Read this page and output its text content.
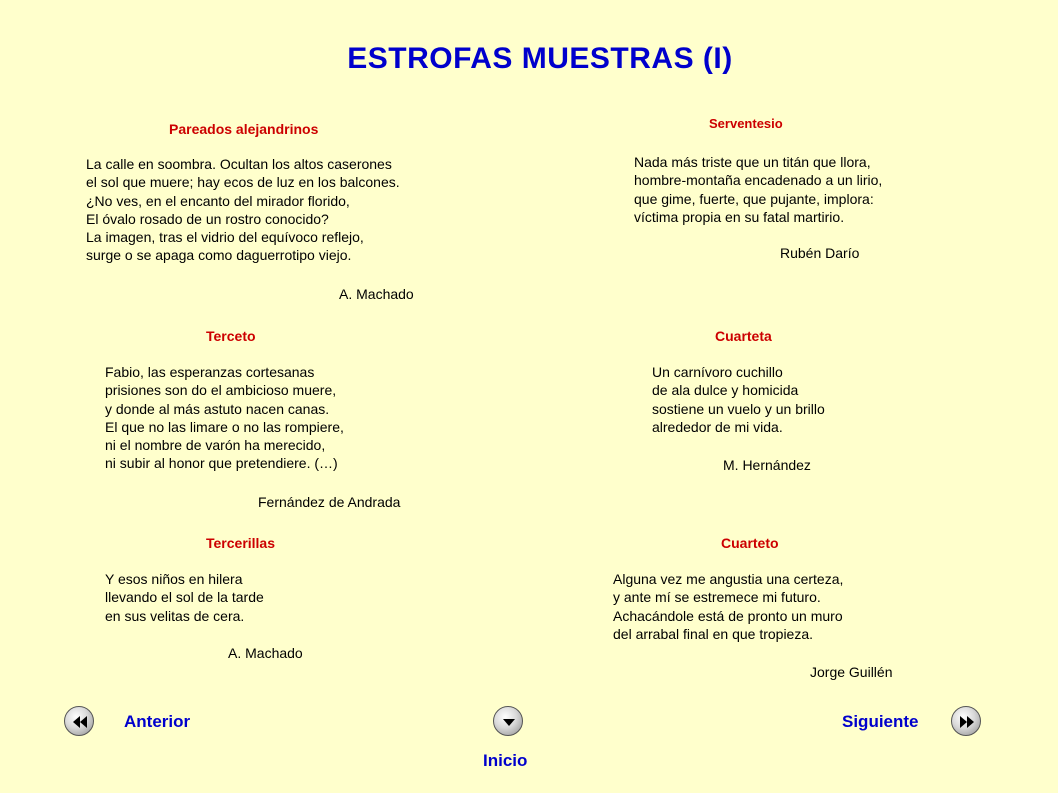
ESTROFAS MUESTRAS (I)
Pareados alejandrinos
La calle en soombra. Ocultan los altos caserones
el sol que muere; hay ecos de luz en los balcones.
¿No ves, en el encanto del mirador florido,
El óvalo rosado de un rostro conocido?
La imagen, tras el vidrio del equívoco reflejo,
surge o se apaga como daguerrotipo viejo.
A. Machado
Serventesio
Nada más triste que un titán que llora,
hombre-montaña encadenado a un lirio,
que gime, fuerte, que pujante, implora:
víctima propia en su fatal martirio.
Rubén Darío
Terceto
Fabio, las esperanzas cortesanas
prisiones son do el ambicioso muere,
y donde al más astuto nacen canas.
El que no las limare o no las rompiere,
ni el nombre de varón ha merecido,
ni subir al honor que pretendiere. (…)
Fernández de Andrada
Cuarteta
Un carnívoro cuchillo
de ala dulce y homicida
sostiene un vuelo y un brillo
alrededor de mi vida.
M. Hernández
Tercerillas
Y esos niños en hilera
llevando el sol de la tarde
en sus velitas de cera.
A. Machado
Cuarteto
Alguna vez me angustia una certeza,
y ante mí se estremece mi futuro.
Achacándole está de pronto un muro
del arrabal final en que tropieza.
Jorge Guillén
Anterior
Inicio
Siguiente
